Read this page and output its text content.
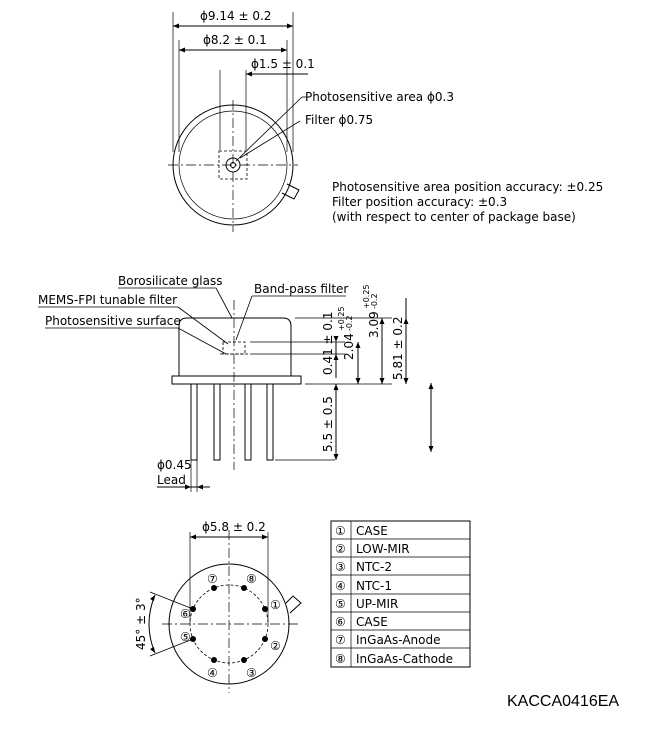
ϕ9.14 ± 0.2
ϕ8.2 ± 0.1
ϕ1.5 ± 0.1
Photosensitive area ϕ0.3
Filter ϕ0.75
Photosensitive area position accuracy: ±0.25
Filter position accuracy: ±0.3
(with respect to center of package base)
Borosilicate glass
Band-pass filter
MEMS-FPI tunable filter
Photosensitive surface	0.41 ± 0.1 2.04
+0.25 -0.2 3.09
+0.25 -0.2
5.81 ± 0.2
5.5 ± 0.5
ϕ0.45
Lead
⑦ ⑧
⑥
①
⑤
②
④ ③
ϕ5.8 ± 0.2
45° ± 3°
① CASE
② LOW-MIR
③ NTC-2
④ NTC-1
⑤ UP-MIR
⑥ CASE
⑦ InGaAs-Anode
⑧ InGaAs-Cathode
KACCA0416EA
